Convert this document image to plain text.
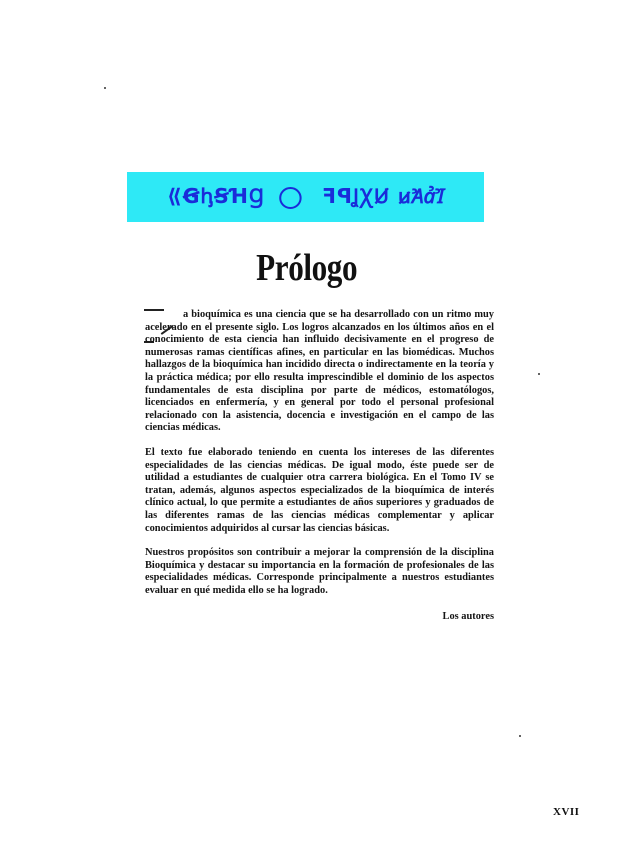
⟪ꞠꞕꞨꞪꞬ	ꟻꟼꞲꞳꞸ ꞹꞺꞻꞼ
Prólogo

a bioquímica es una ciencia que se ha desarrollado con un ritmo muy acelerado en el presente siglo. Los logros alcanzados en los últimos años en el conocimiento de esta ciencia han influido decisivamente en el progreso de numerosas ramas científicas afines, en particular en las biomédicas. Muchos hallazgos de la bioquímica han incidido directa o indirectamente en la teoría y la práctica médica; por ello resulta imprescindible el dominio de los aspectos fundamentales de esta disciplina por parte de médicos, estomatólogos, licenciados en enfermería, y en general por todo el personal profesional relacionado con la asistencia, docencia e investigación en el campo de las ciencias médicas.

El texto fue elaborado teniendo en cuenta los intereses de las diferentes especialidades de las ciencias médicas. De igual modo, éste puede ser de utilidad a estudiantes de cualquier otra carrera biológica. En el Tomo IV se tratan, además, algunos aspectos especializados de la bioquímica de interés clínico actual, lo que permite a estudiantes de años superiores y graduados de las diferentes ramas de las ciencias médicas complementar y aplicar conocimientos adquiridos al cursar las ciencias básicas.

Nuestros propósitos son contribuir a mejorar la comprensión de la disciplina Bioquímica y destacar su importancia en la formación de profesionales de las especialidades médicas. Corresponde principalmente a nuestros estudiantes evaluar en qué medida ello se ha logrado.

Los autores
XVII
